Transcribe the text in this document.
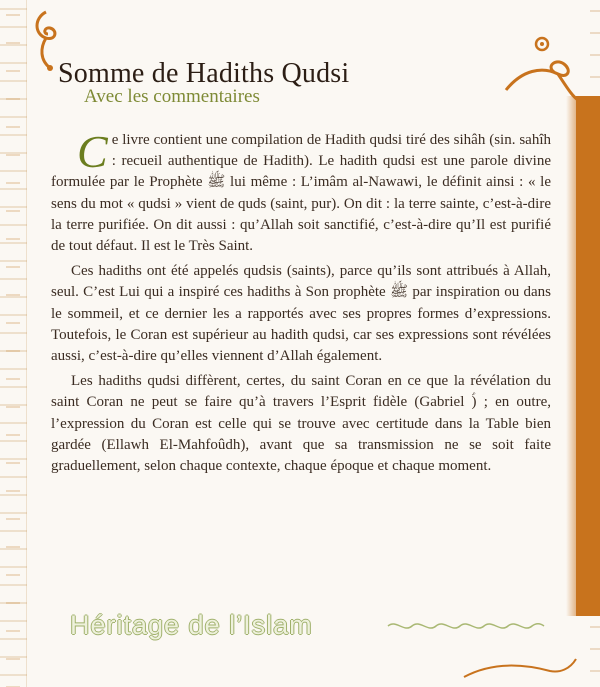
Somme de Hadiths Qudsi
Avec les commentaires

Ce livre contient une compilation de Hadith qudsi tiré des sihâh (sin. sahîh : recueil authentique de Hadith). Le hadith qudsi est une parole divine formulée par le Prophète ﷺ lui même : L’imâm al-Nawawi, le définit ainsi : « le sens du mot « qudsi » vient de quds (saint, pur). On dit : la terre sainte, c’est-à-dire la terre purifiée. On dit aussi : qu’Allah soit sanctifié, c’est-à-dire qu’Il est purifié de tout défaut. Il est le Très Saint.

Ces hadiths ont été appelés qudsis (saints), parce qu’ils sont attribués à Allah, seul. C’est Lui qui a inspiré ces hadiths à Son prophète ﷺ par inspiration ou dans le sommeil, et ce dernier les a rapportés avec ses propres formes d’expressions. Toutefois, le Coran est supérieur au hadith qudsi, car ses expressions sont révélées aussi, c’est-à-dire qu’elles viennent d’Allah également.

Les hadiths qudsi diffèrent, certes, du saint Coran en ce que la révélation du saint Coran ne peut se faire qu’à travers l’Esprit fidèle (Gabriel ؑ) ; en outre, l’expression du Coran est celle qui se trouve avec certitude dans la Table bien gardée (Ellawh El-Mahfoûdh), avant que sa transmission ne se soit faite graduellement, selon chaque contexte, chaque époque et chaque moment.

Héritage de l’Islam
